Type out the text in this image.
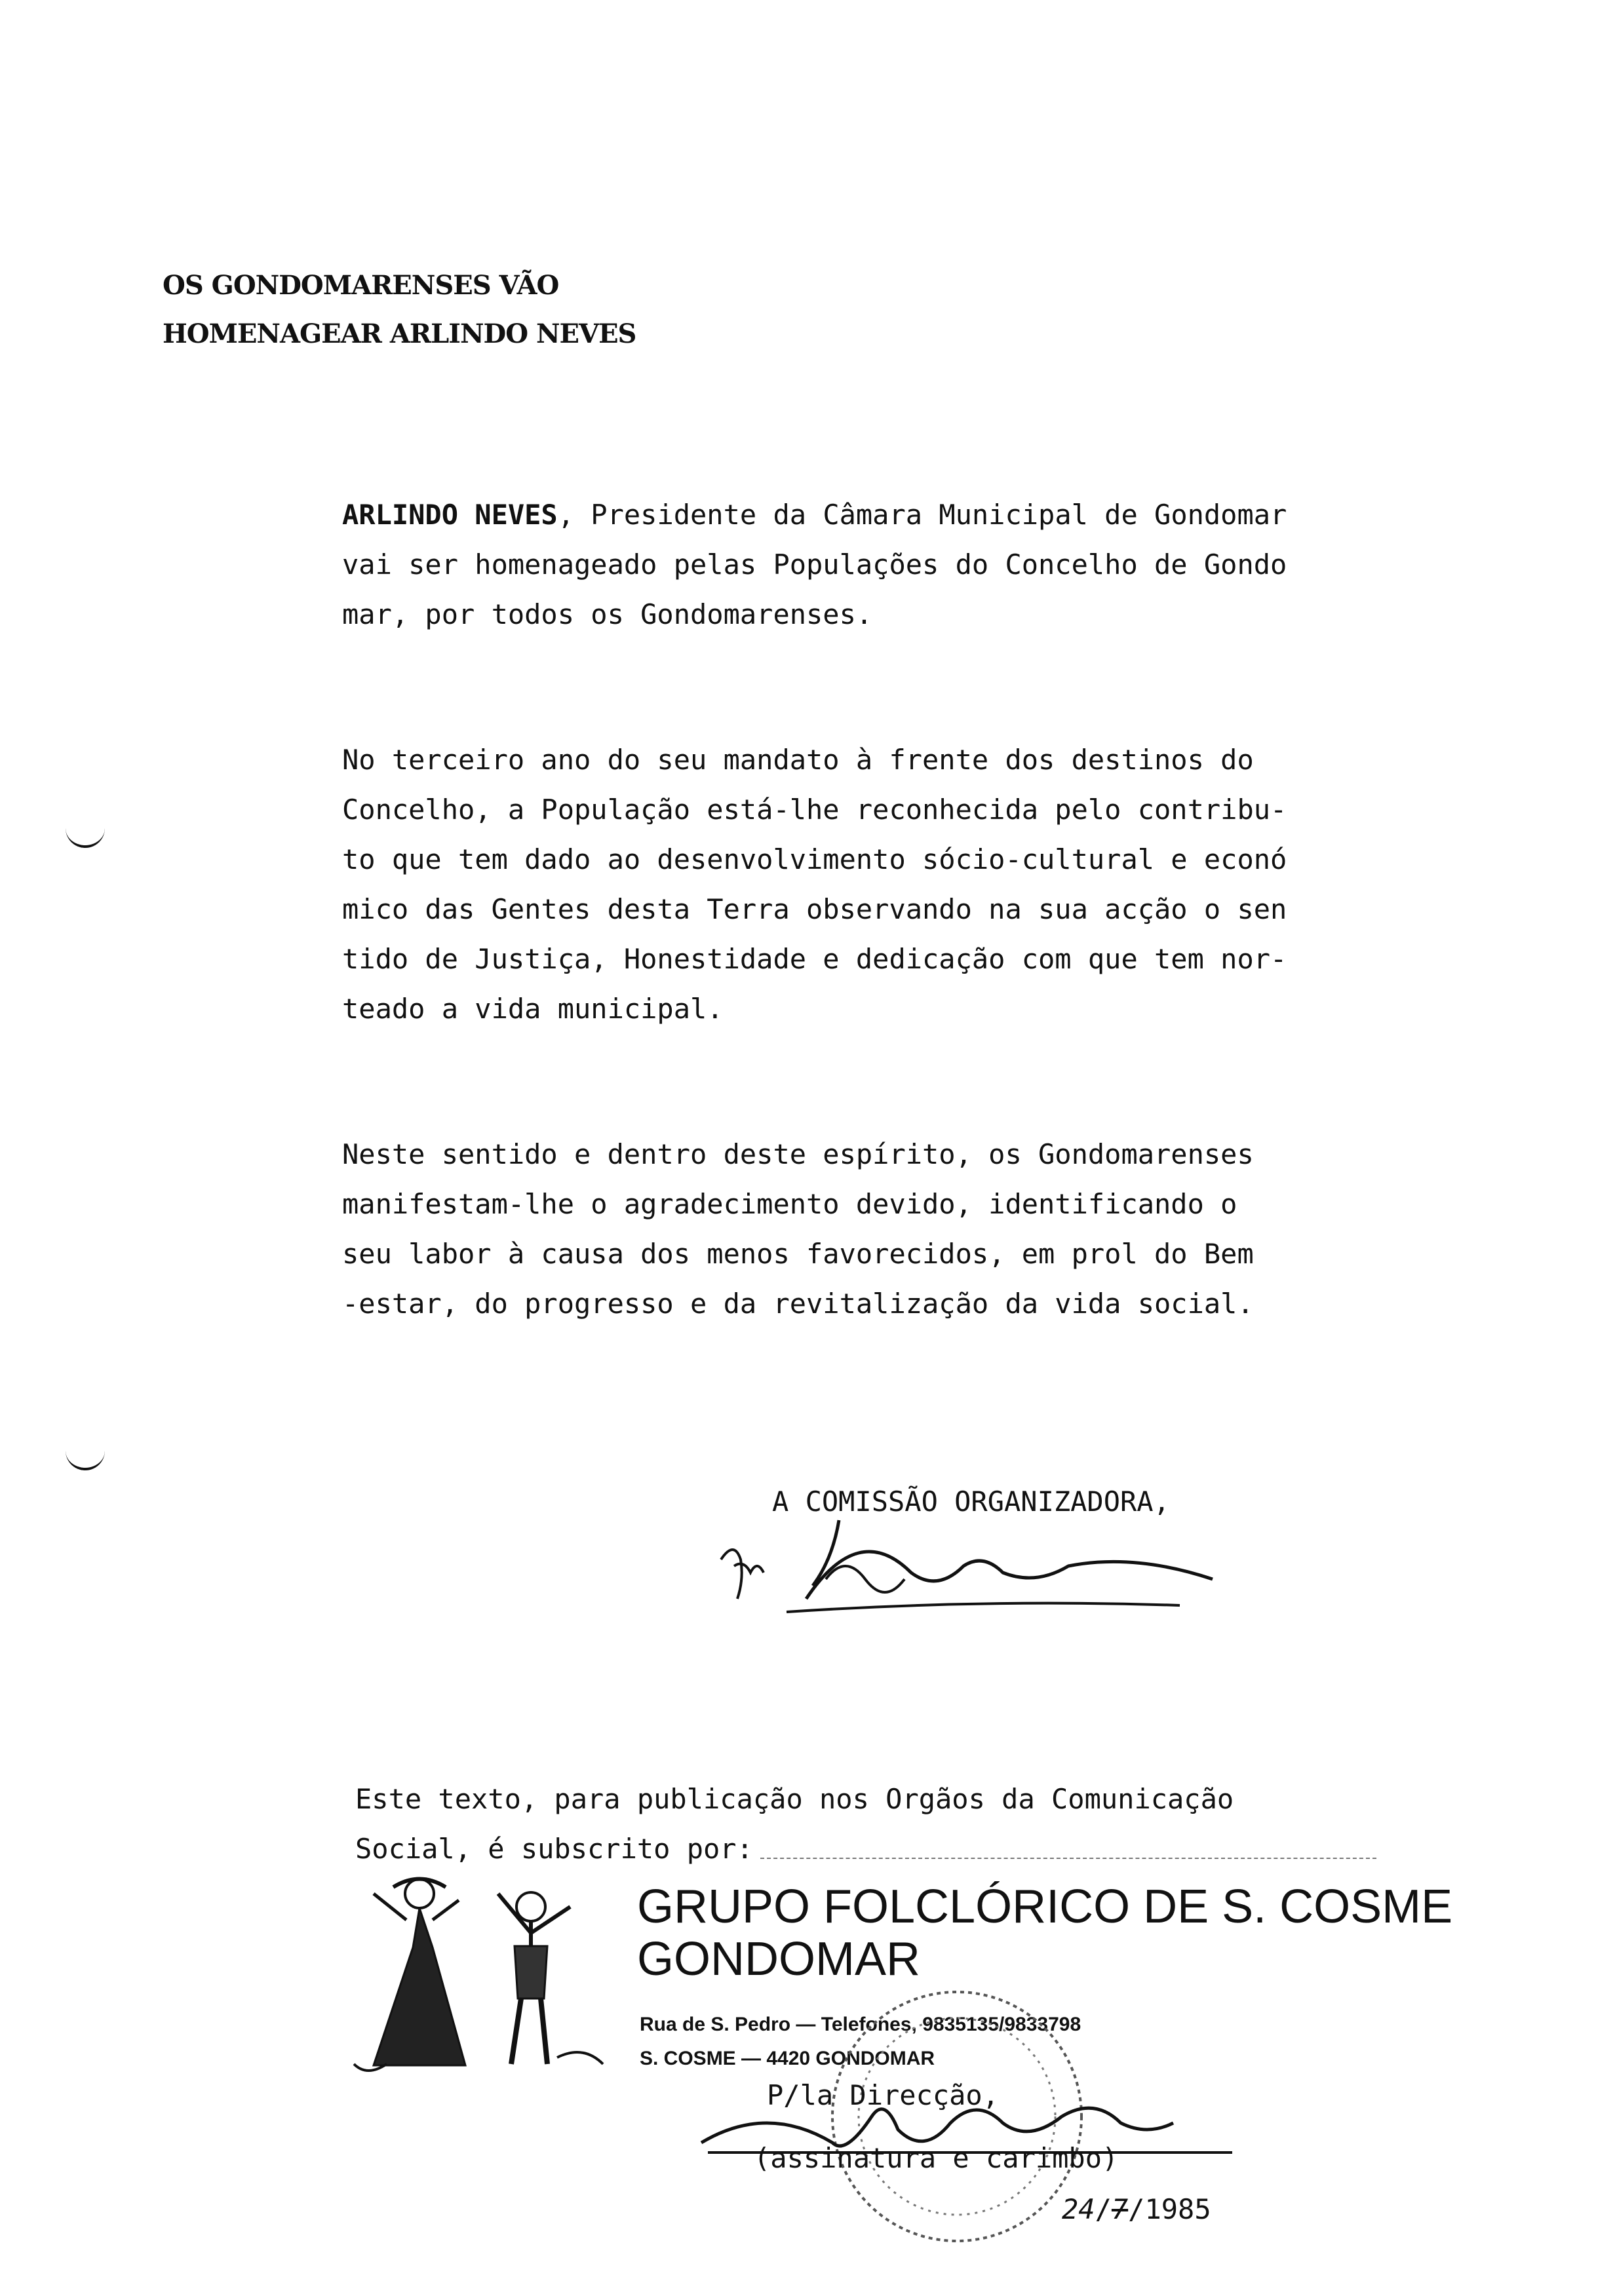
OS GONDOMARENSES VÃO
HOMENAGEAR ARLINDO NEVES
ARLINDO NEVES, Presidente da Câmara Municipal de Gondomar
vai ser homenageado pelas Populações do Concelho de Gondo
mar, por todos os Gondomarenses.
No terceiro ano do seu mandato à frente dos destinos do
Concelho, a População está-lhe reconhecida pelo contribu-
to que tem dado ao desenvolvimento sócio-cultural e econó
mico das Gentes desta Terra observando na sua acção o sen
tido de Justiça, Honestidade e dedicação com que tem nor-
teado a vida municipal.
Neste sentido e dentro deste espírito, os Gondomarenses
manifestam-lhe o agradecimento devido, identificando o
seu labor à causa dos menos favorecidos, em prol do Bem
-estar, do progresso e da revitalização da vida social.
A COMISSÃO ORGANIZADORA,
Este texto, para publicação nos Orgãos da Comunicação
Social, é subscrito por:
GRUPO FOLCLÓRICO DE S. COSME
GONDOMAR
Rua de S. Pedro — Telefones, 9835135/9833798
S. COSME — 4420 GONDOMAR
P/la Direcção,
(assinatura e carimbo)
24/7/1985
